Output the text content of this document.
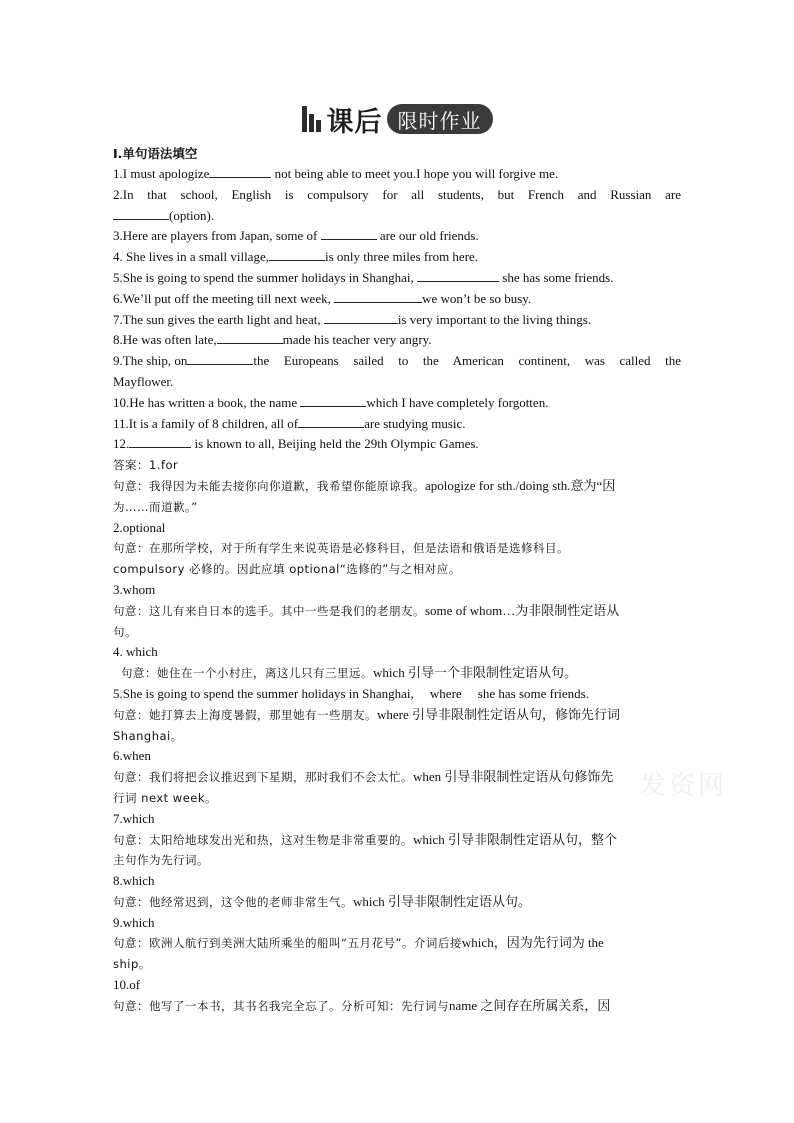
课后 限时作业
Ⅰ.单句语法填空

1.I must apologize	not being able to meet you.I hope you will forgive me.

2.In that school, English is compulsory for all students, but French and Russian are

(option).

3.Here are players from Japan, some of	are our old friends.

4. She lives in a small village,	is only three miles from here.

5.She is going to spend the summer holidays in Shanghai,	she has some friends.

6.We’ll put off the meeting till next week,	we won’t be so busy.

7.The sun gives the earth light and heat,	is very important to the living things.

8.He was often late,	made his teacher very angry.

9.The ship, on	the Europeans sailed to the American continent, was called the

Mayflower.

10.He has written a book, the name	which I have completely forgotten.

11.It is a family of 8 children, all of	are studying music.

12.	is known to all, Beijing held the 29th Olympic Games.

答案：1.for

句意：我得因为未能去接你向你道歉，我希望你能原谅我。apologize for sth./doing sth.意为“因

为……而道歉。”

2.optional

句意：在那所学校，对于所有学生来说英语是必修科目，但是法语和俄语是选修科目。

compulsory 必修的。因此应填 optional“选修的”与之相对应。

3.whom

句意：这儿有来自日本的选手。其中一些是我们的老朋友。some of whom…为非限制性定语从

句。

4. which

句意：她住在一个小村庄，离这儿只有三里远。which 引导一个非限制性定语从句。

5.She is going to spend the summer holidays in Shanghai, where she has some friends.

句意：她打算去上海度暑假，那里她有一些朋友。where 引导非限制性定语从句，修饰先行词

Shanghai。

6.when

句意：我们将把会议推迟到下星期，那时我们不会太忙。when 引导非限制性定语从句修饰先

行词 next week。

7.which

句意：太阳给地球发出光和热，这对生物是非常重要的。which 引导非限制性定语从句，整个

主句作为先行词。

8.which

句意：他经常迟到，这令他的老师非常生气。which 引导非限制性定语从句。

9.which

句意：欧洲人航行到美洲大陆所乘坐的船叫“五月花号”。介词后接which，因为先行词为 the

ship。

10.of

句意：他写了一本书，其书名我完全忘了。分析可知：先行词与name 之间存在所属关系，因

发资网
